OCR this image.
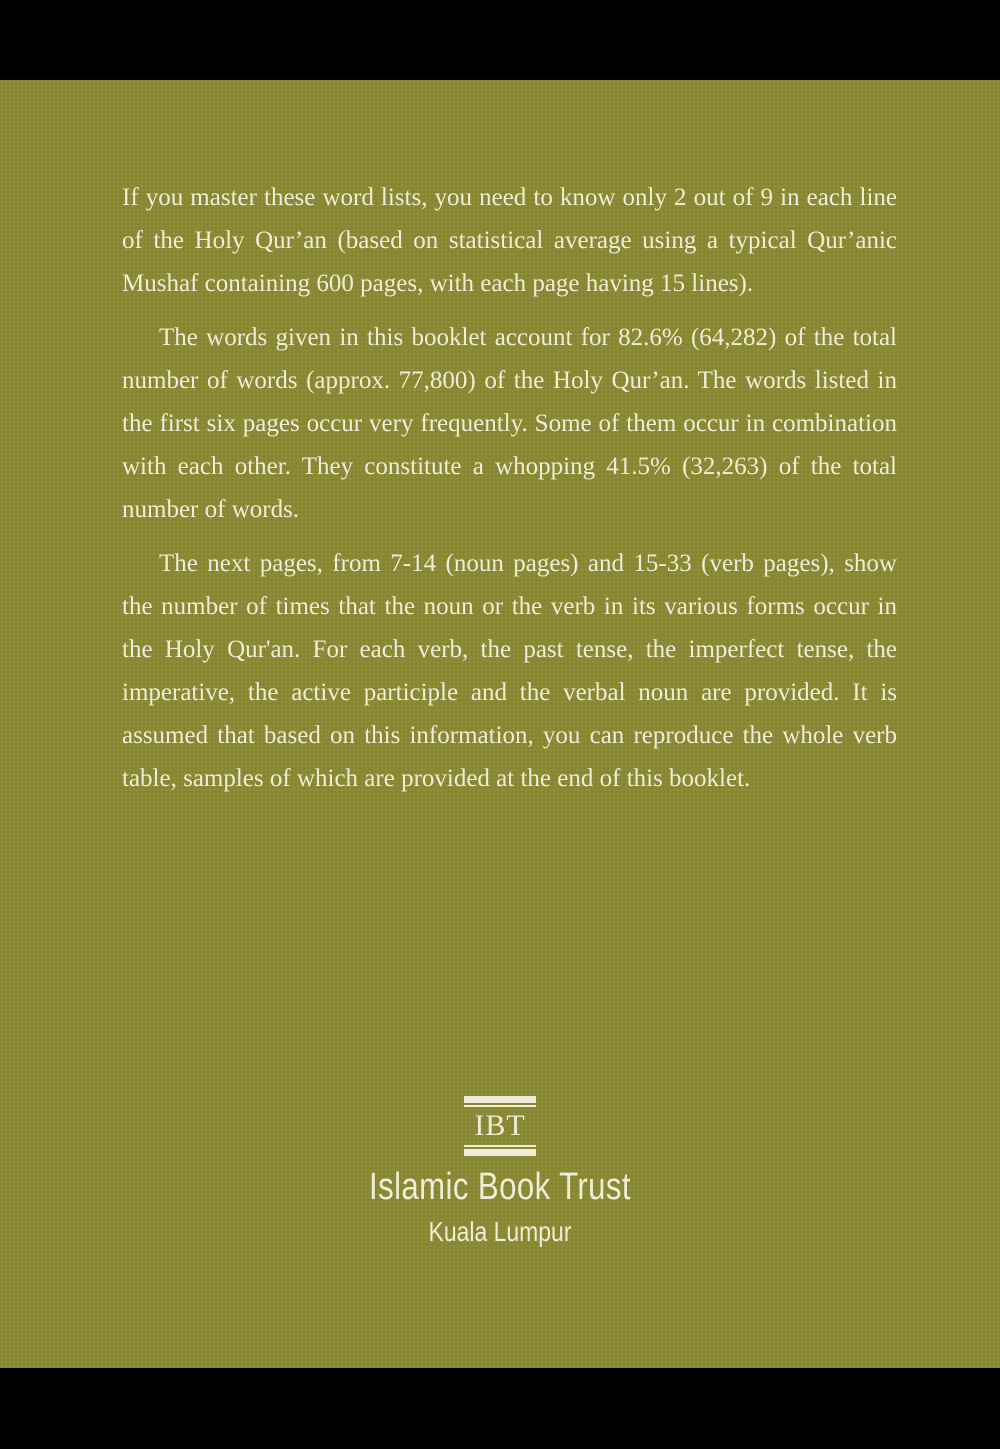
If you master these word lists, you need to know only 2 out of 9 in each line of the Holy Qur’an (based on statistical average using a typical Qur’anic Mushaf containing 600 pages, with each page having 15 lines).

The words given in this booklet account for 82.6% (64,282) of the total number of words (approx. 77,800) of the Holy Qur’an. The words listed in the first six pages occur very frequently. Some of them occur in combination with each other. They constitute a whopping 41.5% (32,263) of the total number of words.

The next pages, from 7-14 (noun pages) and 15-33 (verb pages), show the number of times that the noun or the verb in its various forms occur in the Holy Qur'an. For each verb, the past tense, the imperfect tense, the imperative, the active participle and the verbal noun are provided. It is assumed that based on this information, you can reproduce the whole verb table, samples of which are provided at the end of this booklet.

IBT
Islamic Book Trust
Kuala Lumpur
